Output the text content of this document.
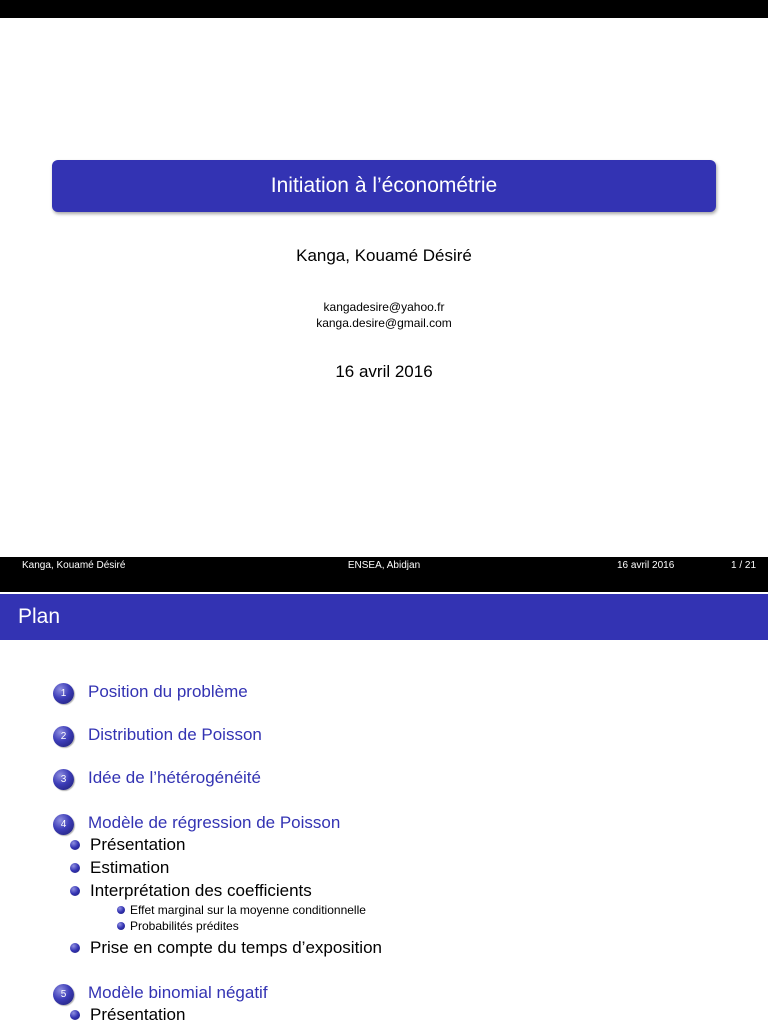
Initiation à l’économétrie
Kanga, Kouamé Désiré
kangadesire@yahoo.fr
kanga.desire@gmail.com
16 avril 2016
Kanga, Kouamé Désiré	ENSEA, Abidjan	16 avril 2016	1 / 21
Plan
1	Position du problème
2	Distribution de Poisson
3	Idée de l’hétérogénéité
4	Modèle de régression de Poisson
Présentation
Estimation
Interprétation des coefficients
Effet marginal sur la moyenne conditionnelle
Probabilités prédites
Prise en compte du temps d’exposition
5	Modèle binomial négatif
Présentation
